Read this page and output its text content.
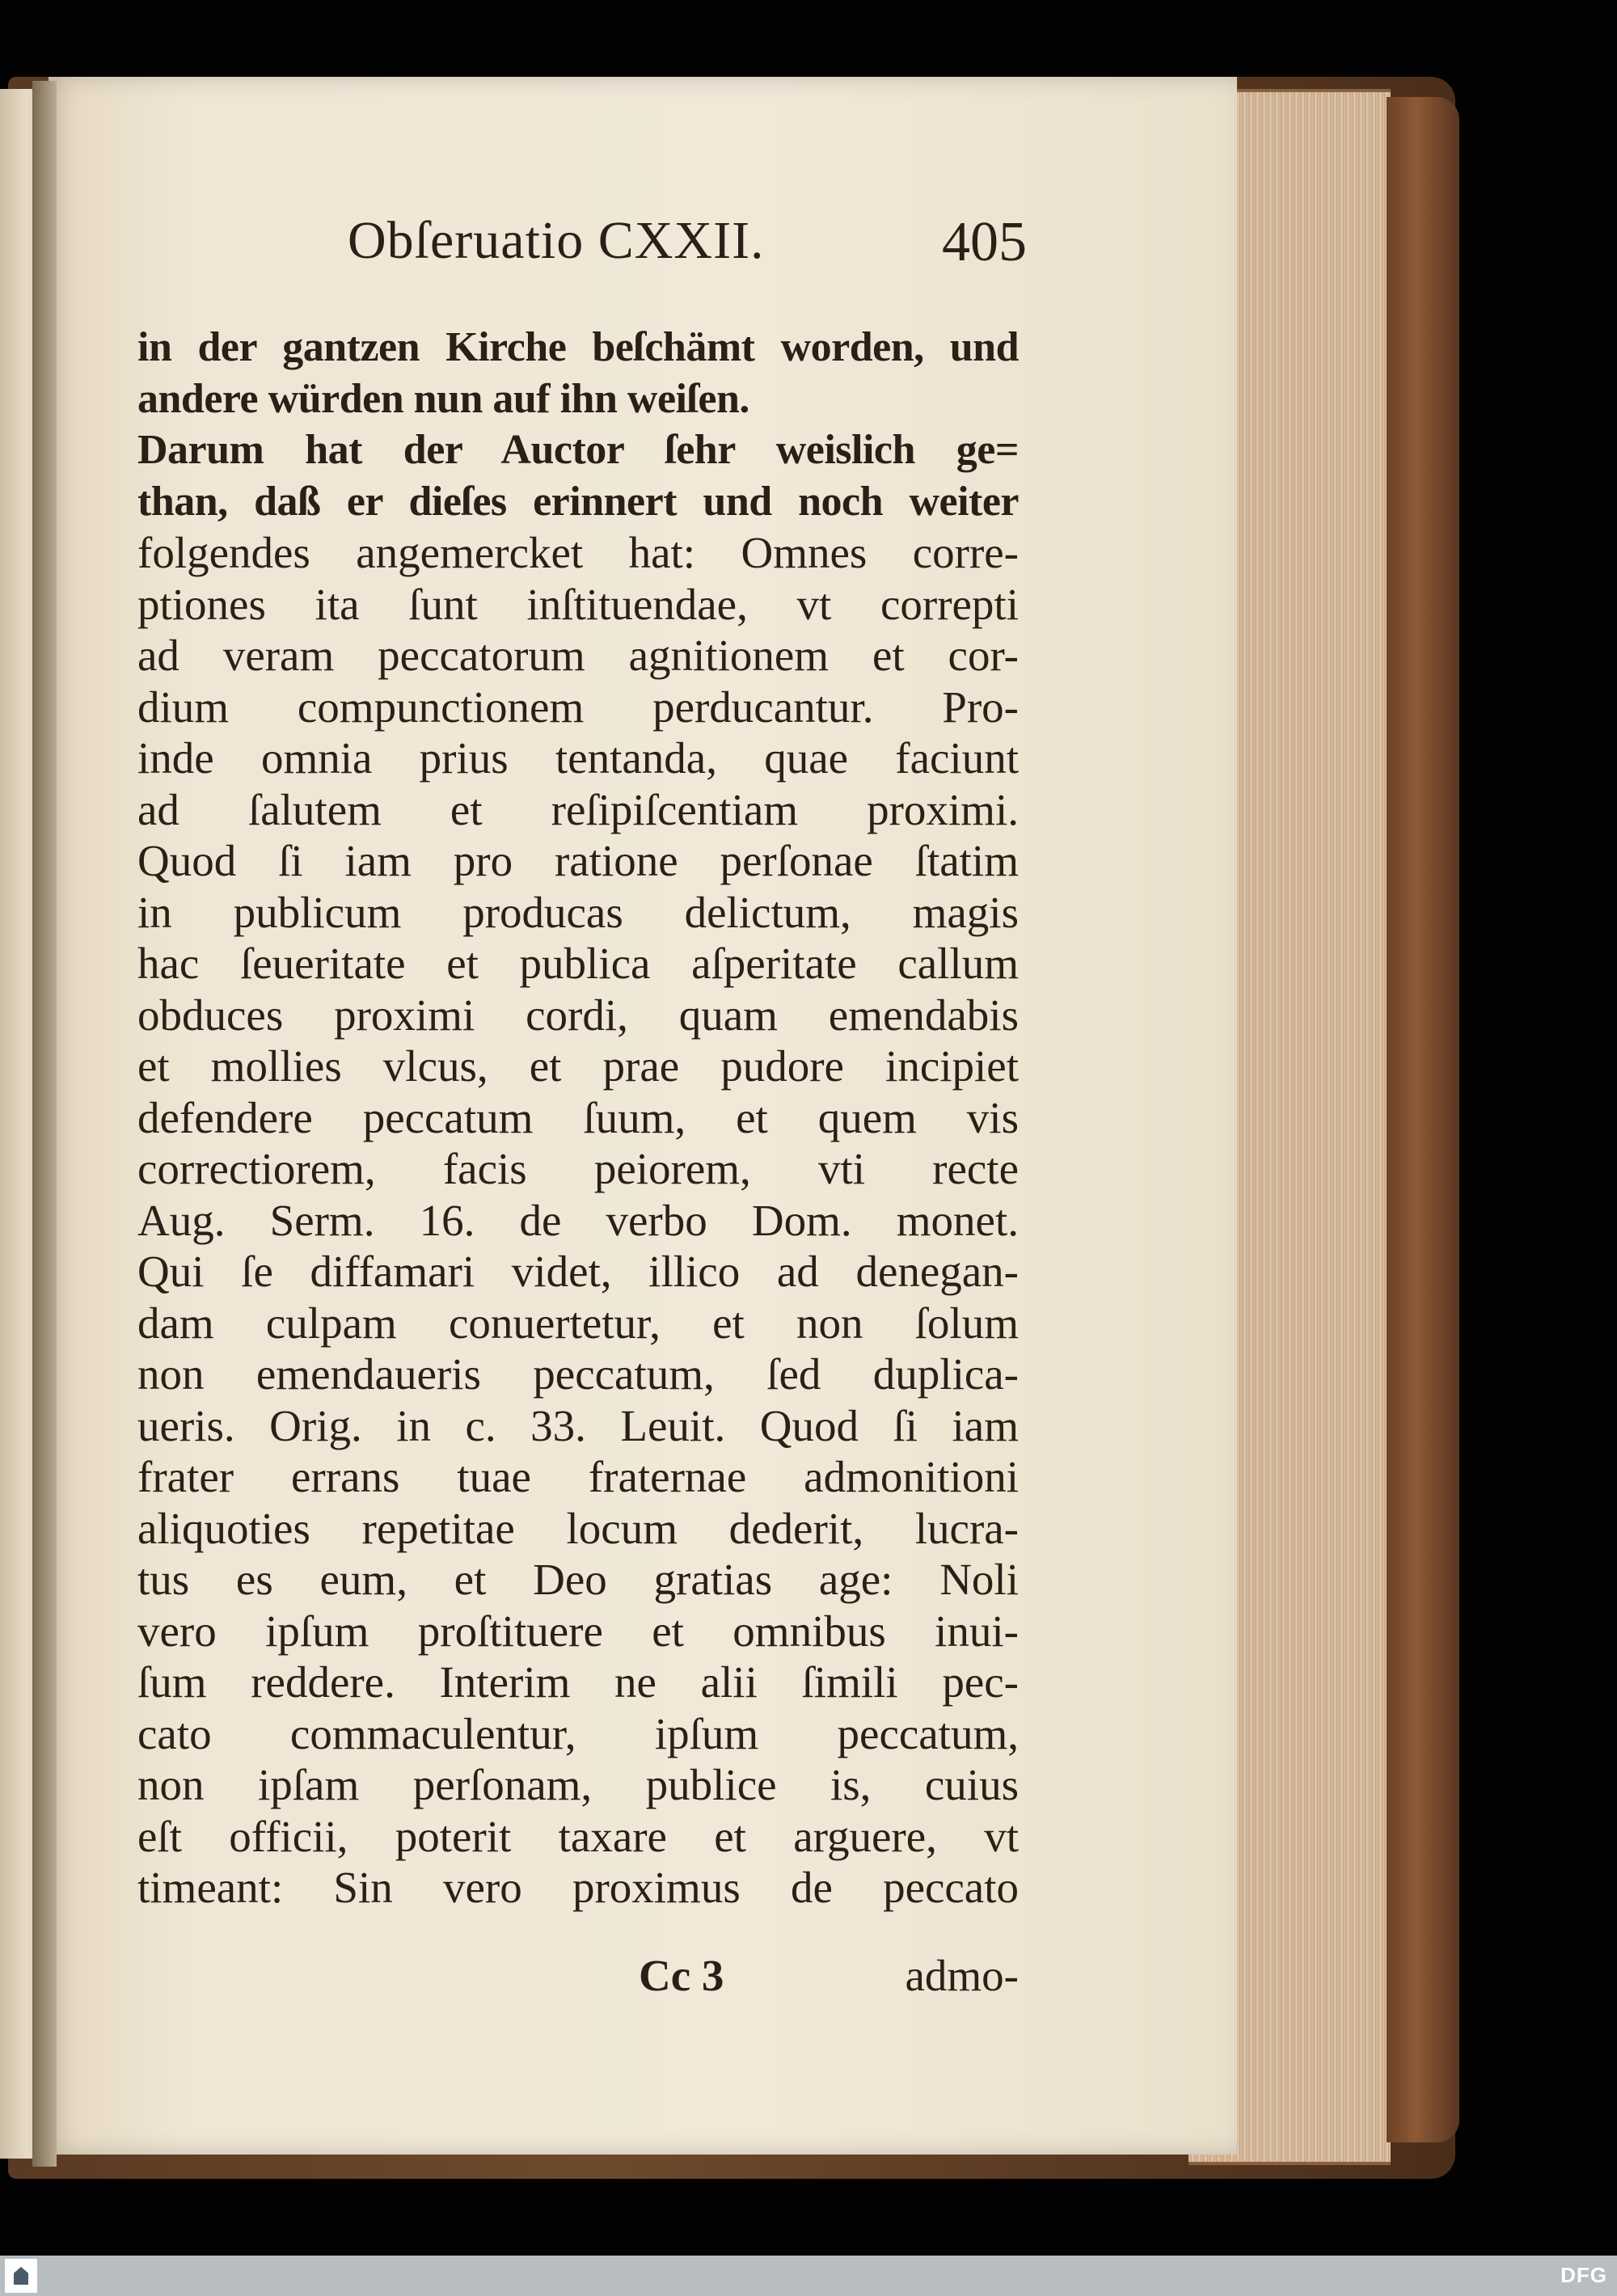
Obſeruatio CXXII.	405
in der gantzen Kirche beſchämt worden, und
andere würden nun auf ihn weiſen.
Darum hat der Auctor ſehr weislich ge=
than, daß er dieſes erinnert und noch weiter
folgendes angemercket hat: Omnes corre-
ptiones ita ſunt inſtituendae, vt correpti
ad veram peccatorum agnitionem et cor-
dium compunctionem perducantur. Pro-
inde omnia prius tentanda, quae faciunt
ad ſalutem et reſipiſcentiam proximi.
Quod ſi iam pro ratione perſonae ſtatim
in publicum producas delictum, magis
hac ſeueritate et publica aſperitate callum
obduces proximi cordi, quam emendabis
et mollies vlcus, et prae pudore incipiet
defendere peccatum ſuum, et quem vis
correctiorem, facis peiorem, vti recte
Aug. Serm. 16. de verbo Dom. monet.
Qui ſe diffamari videt, illico ad denegan-
dam culpam conuertetur, et non ſolum
non emendaueris peccatum, ſed duplica-
ueris. Orig. in c. 33. Leuit. Quod ſi iam
frater errans tuae fraternae admonitioni
aliquoties repetitae locum dederit, lucra-
tus es eum, et Deo gratias age: Noli
vero ipſum proſtituere et omnibus inui-
ſum reddere. Interim ne alii ſimili pec-
cato commaculentur, ipſum peccatum,
non ipſam perſonam, publice is, cuius
eſt officii, poterit taxare et arguere, vt
timeant: Sin vero proximus de peccato
Cc 3	admo-
DFG
